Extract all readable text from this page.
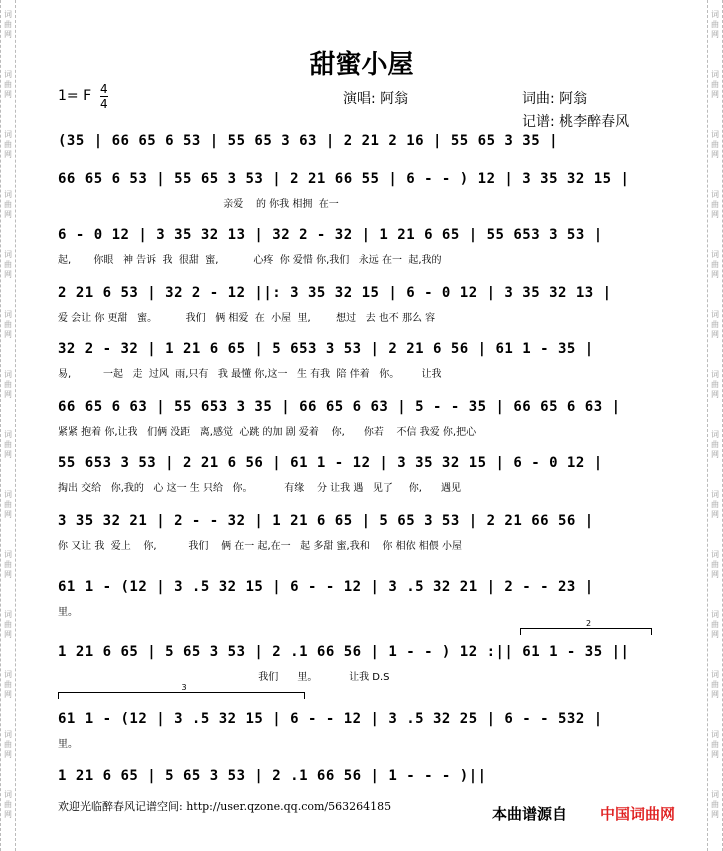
词
曲
网
词
曲
网
词
曲
网
词
曲
网
词
曲
网
词
曲
网
词
曲
网
词
曲
网
词
曲
网
词
曲
网
词
曲
网
词
曲
网
词
曲
网
词
曲
网
词
曲
网
词
曲
网
词
曲
网
词
曲
网
词
曲
网
词
曲
网
词
曲
网
词
曲
网
词
曲
网
词
曲
网
词
曲
网
词
曲
网
词
曲
网
词
曲
网
甜蜜小屋
1= F 4
4	演唱: 阿翁	词曲: 阿翁
记谱: 桃李醉春风
(35 | 66 65 6 53 | 55 65 3 63 | 2 21 2 16 | 55 65 3 35 |
66 65 6 53 | 55 65 3 53 | 2 21 66 55 | 6 - - ) 12 | 3 35 32 15 |
亲爱    的 你我 相拥  在一
6 - 0 12 | 3 35 32 13 | 32 2 - 32 | 1 21 6 65 | 55 653 3 53 |
起,       你眼   神 告诉  我  很甜  蜜,           心疼  你 爱惜 你,我们   永远 在一  起,我的
2 21 6 53 | 32 2 - 12 ||: 3 35 32 15 | 6 - 0 12 | 3 35 32 13 |
爱 会让 你 更甜   蜜。         我们   俩 相爱  在  小屋  里,        想过   去 也不 那么 容
32 2 - 32 | 1 21 6 65 | 5 653 3 53 | 2 21 6 56 | 61 1 - 35 |
易,          一起   走  过风  雨,只有   我 最懂 你,这一   生 有我  陪 伴着   你。       让我
66 65 6 63 | 55 653 3 35 | 66 65 6 63 | 5 - - 35 | 66 65 6 63 |
紧紧 抱着 你,让我   们俩 没距   离,感觉  心跳 的加 剧 爱着    你,      你若    不信 我爱 你,把心
55 653 3 53 | 2 21 6 56 | 61 1 - 12 | 3 35 32 15 | 6 - 0 12 |
掏出 交给   你,我的   心 这一 生 只给   你。          有缘    分 让我 遇   见了     你,      遇见
3 35 32 21 | 2 - - 32 | 1 21 6 65 | 5 65 3 53 | 2 21 66 56 |
你 又让 我  爱上    你,          我们    俩 在一 起,在一   起 多甜 蜜,我和    你 相依 相偎 小屋
61 1 - (12 | 3 .5 32 15 | 6 - - 12 | 3 .5 32 21 | 2 - - 23 |
里。
1 21 6 65 | 5 65 3 53 | 2 .1 66 56 | 1 - - ) 12 :|| 61 1 - 35 ||
我们      里。          让我 D.S
61 1 - (12 | 3 .5 32 15 | 6 - - 12 | 3 .5 32 25 | 6 - - 532 |
里。
1 21 6 65 | 5 65 3 53 | 2 .1 66 56 | 1 - - - )||
2
3
欢迎光临醉春风记谱空间: http://user.qzone.qq.com/563264185	本曲谱源自 中国词曲网
